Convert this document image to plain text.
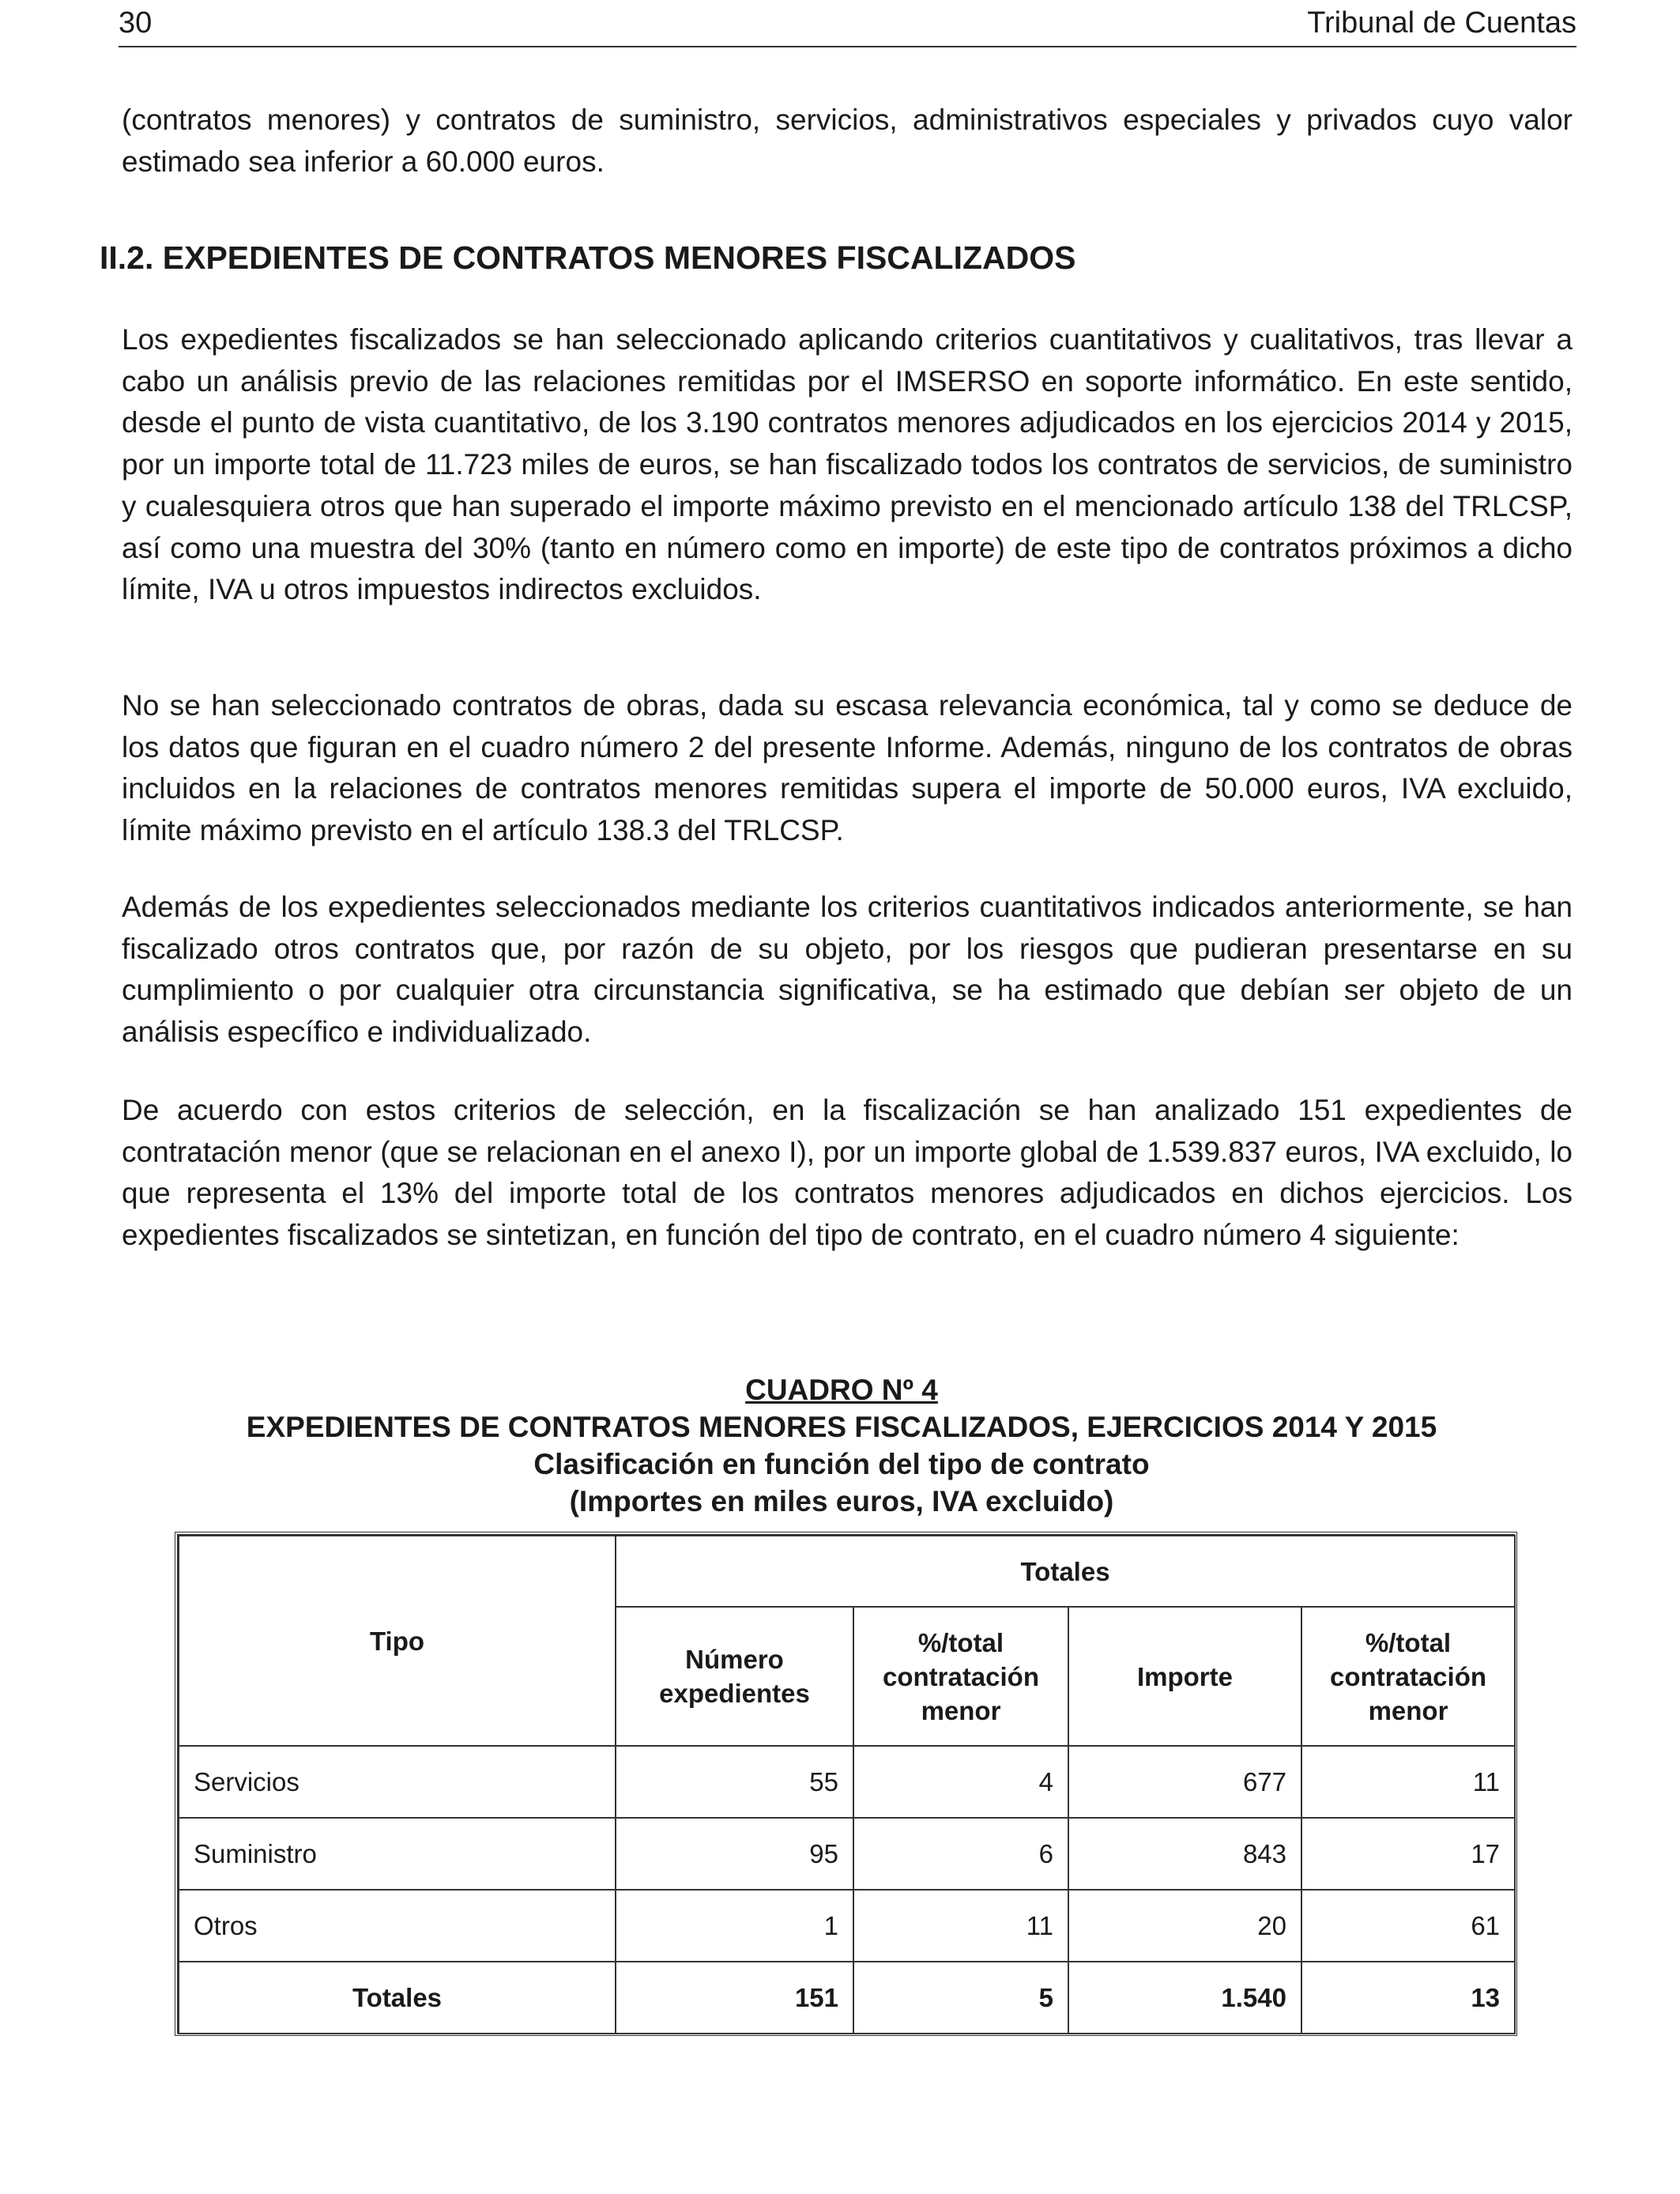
30	Tribunal de Cuentas

(contratos menores) y contratos de suministro, servicios, administrativos especiales y privados cuyo valor estimado sea inferior a 60.000 euros.

II.2. EXPEDIENTES DE CONTRATOS MENORES FISCALIZADOS

Los expedientes fiscalizados se han seleccionado aplicando criterios cuantitativos y cualitativos, tras llevar a cabo un análisis previo de las relaciones remitidas por el IMSERSO en soporte informático. En este sentido, desde el punto de vista cuantitativo, de los 3.190 contratos menores adjudicados en los ejercicios 2014 y 2015, por un importe total de 11.723 miles de euros, se han fiscalizado todos los contratos de servicios, de suministro y cualesquiera otros que han superado el importe máximo previsto en el mencionado artículo 138 del TRLCSP, así como una muestra del 30% (tanto en número como en importe) de este tipo de contratos próximos a dicho límite, IVA u otros impuestos indirectos excluidos.

No se han seleccionado contratos de obras, dada su escasa relevancia económica, tal y como se deduce de los datos que figuran en el cuadro número 2 del presente Informe. Además, ninguno de los contratos de obras incluidos en la relaciones de contratos menores remitidas supera el importe de 50.000 euros, IVA excluido, límite máximo previsto en el artículo 138.3 del TRLCSP.

Además de los expedientes seleccionados mediante los criterios cuantitativos indicados anteriormente, se han fiscalizado otros contratos que, por razón de su objeto, por los riesgos que pudieran presentarse en su cumplimiento o por cualquier otra circunstancia significativa, se ha estimado que debían ser objeto de un análisis específico e individualizado.

De acuerdo con estos criterios de selección, en la fiscalización se han analizado 151 expedientes de contratación menor (que se relacionan en el anexo I), por un importe global de 1.539.837 euros, IVA excluido, lo que representa el 13% del importe total de los contratos menores adjudicados en dichos ejercicios. Los expedientes fiscalizados se sintetizan, en función del tipo de contrato, en el cuadro número 4 siguiente:

CUADRO Nº 4
EXPEDIENTES DE CONTRATOS MENORES FISCALIZADOS, EJERCICIOS 2014 Y 2015
Clasificación en función del tipo de contrato
(Importes en miles euros, IVA excluido)
Tipo	Totales			
	Número expedientes	%/total contratación menor	Importe	%/total contratación menor
Servicios	55	4	677	11
Suministro	95	6	843	17
Otros	1	11	20	61
Totales	151	5	1.540	13
